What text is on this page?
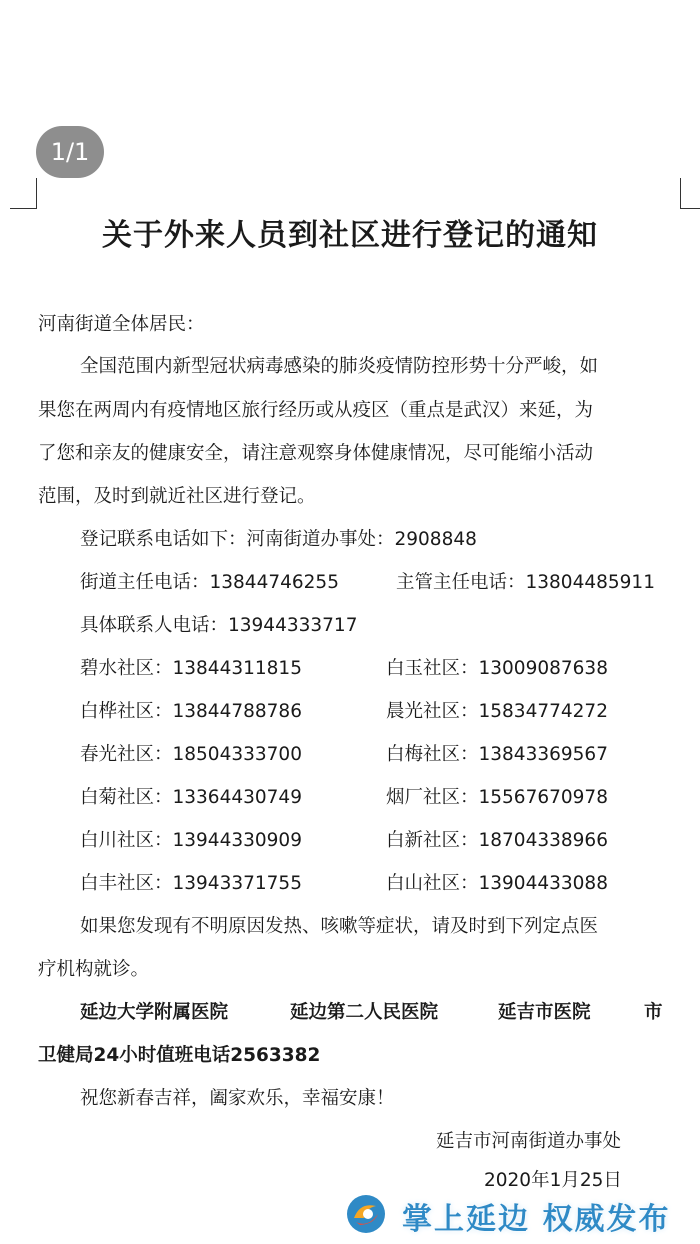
1/1
关于外来人员到社区进行登记的通知
河南街道全体居民：
全国范围内新型冠状病毒感染的肺炎疫情防控形势十分严峻，如
果您在两周内有疫情地区旅行经历或从疫区（重点是武汉）来延，为
了您和亲友的健康安全，请注意观察身体健康情况，尽可能缩小活动
范围，及时到就近社区进行登记。
登记联系电话如下：河南街道办事处：2908848
街道主任电话：13844746255	主管主任电话：13804485911
具体联系人电话：13944333717
碧水社区：13844311815	白玉社区：13009087638
白桦社区：13844788786	晨光社区：15834774272
春光社区：18504333700	白梅社区：13843369567
白菊社区：13364430749	烟厂社区：15567670978
白川社区：13944330909	白新社区：18704338966
白丰社区：13943371755	白山社区：13904433088
如果您发现有不明原因发热、咳嗽等症状，请及时到下列定点医
疗机构就诊。
延边大学附属医院	延边第二人民医院	延吉市医院	市
卫健局24小时值班电话2563382
祝您新春吉祥，阖家欢乐，幸福安康！
延吉市河南街道办事处
2020年1月25日
掌上延边 权威发布
